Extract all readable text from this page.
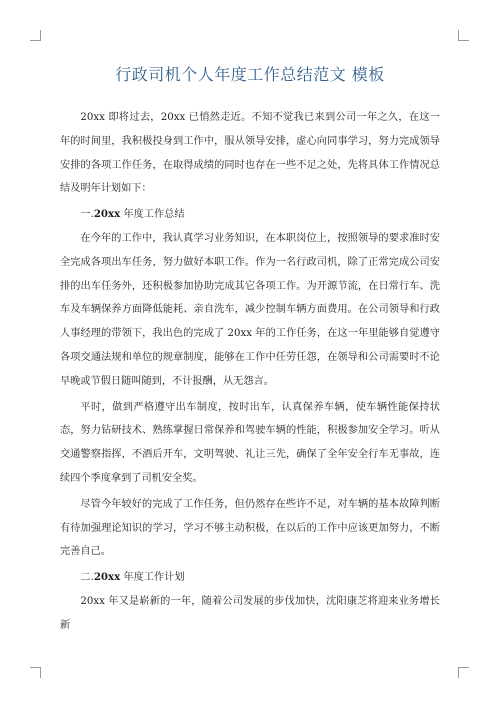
行政司机个人年度工作总结范文 模板

20xx 即将过去，20xx 已悄然走近。不知不觉我已来到公司一年之久，在这一年的时间里，我积极投身到工作中，服从领导安排，虚心向同事学习，努力完成领导安排的各项工作任务，在取得成绩的同时也存在一些不足之处，先将具体工作情况总结及明年计划如下：

一.20xx 年度工作总结

在今年的工作中，我认真学习业务知识，在本职岗位上，按照领导的要求准时安全完成各项出车任务，努力做好本职工作。作为一名行政司机，除了正常完成公司安排的出车任务外，还积极参加协助完成其它各项工作。为开源节流，在日常行车、洗车及车辆保养方面降低能耗、亲自洗车，减少控制车辆方面费用。在公司领导和行政人事经理的带领下，我出色的完成了 20xx 年的工作任务，在这一年里能够自觉遵守各项交通法规和单位的规章制度，能够在工作中任劳任怨，在领导和公司需要时不论早晚或节假日随叫随到，不计报酬，从无怨言。

平时，做到严格遵守出车制度，按时出车，认真保养车辆，使车辆性能保持状态，努力钻研技术、熟练掌握日常保养和驾驶车辆的性能，积极参加安全学习。听从交通警察指挥，不酒后开车，文明驾驶、礼让三先，确保了全年安全行车无事故，连续四个季度拿到了司机安全奖。

尽管今年较好的完成了工作任务，但仍然存在些许不足，对车辆的基本故障判断有待加强理论知识的学习，学习不够主动积极，在以后的工作中应该更加努力，不断完善自己。

二.20xx 年度工作计划

20xx 年又是崭新的一年，随着公司发展的步伐加快，沈阳康芝将迎来业务增长新
